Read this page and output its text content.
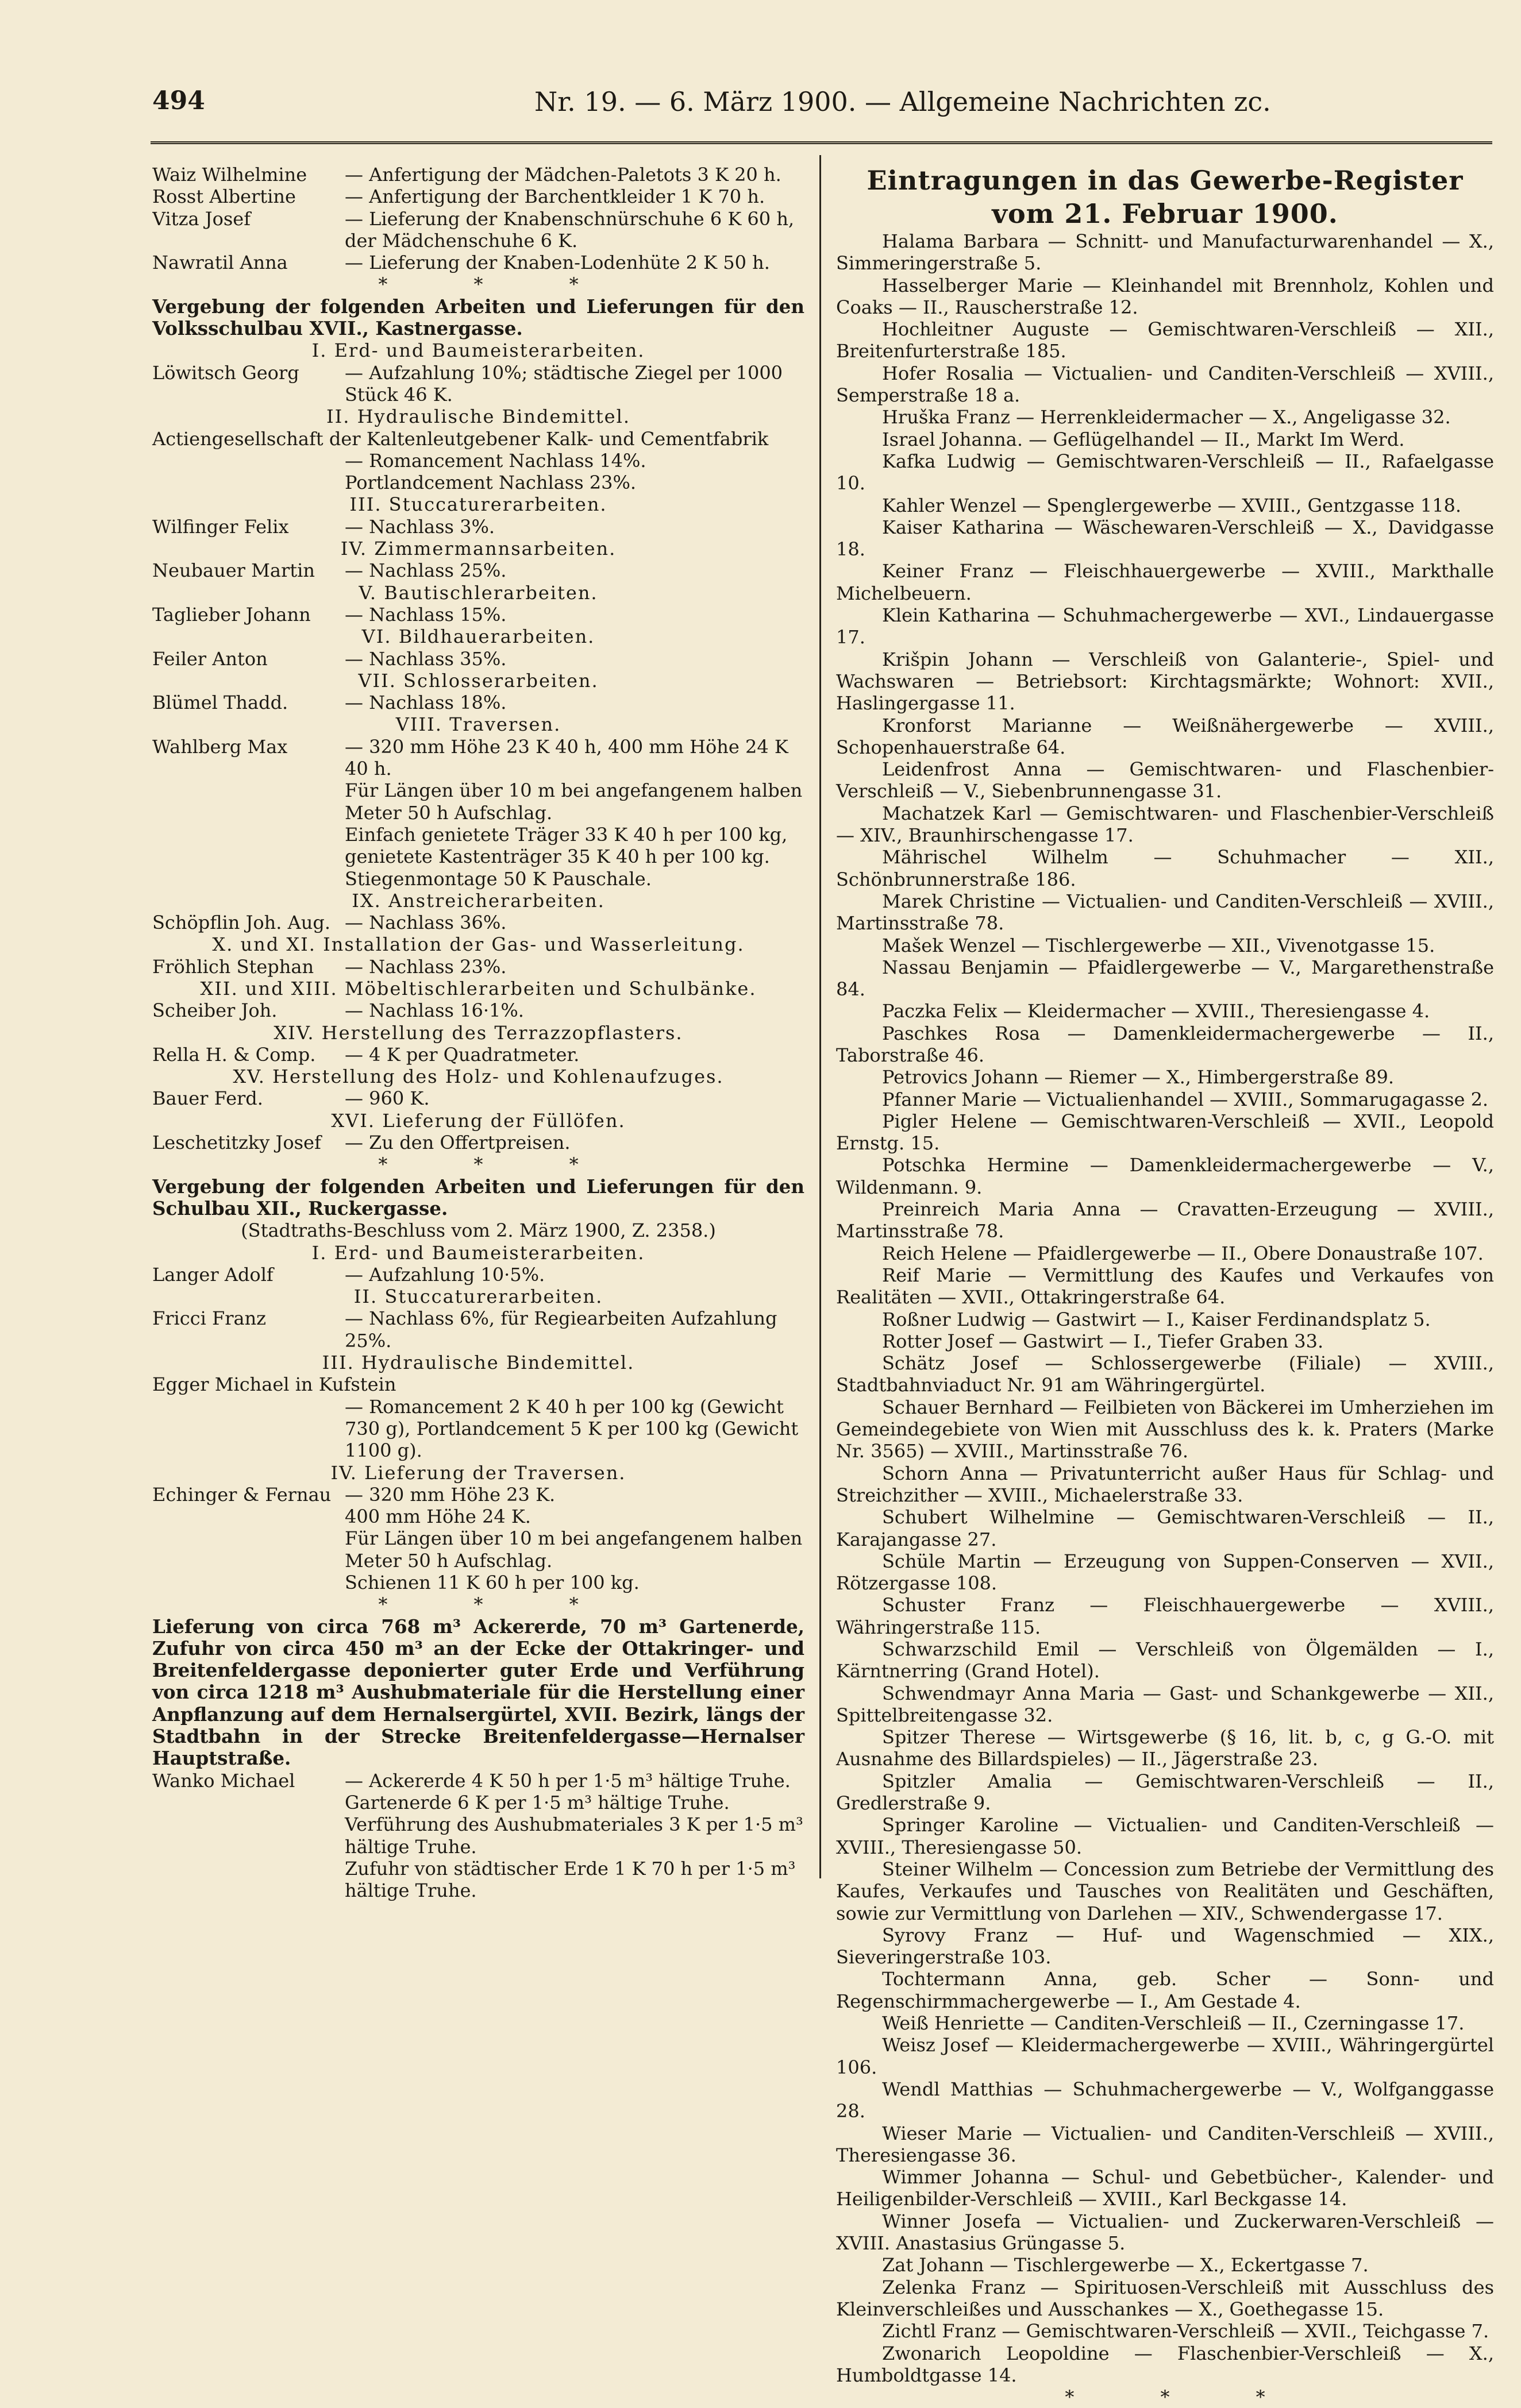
494	Nr. 19. — 6. März 1900. — Allgemeine Nachrichten zc.
Waiz Wilhelmine	— Anfertigung der Mädchen-Paletots 3 K 20 h.
Rosst Albertine	— Anfertigung der Barchentkleider 1 K 70 h.
Vitza Josef	— Lieferung der Knabenschnürschuhe 6 K 60 h, der Mädchenschuhe 6 K.
Nawratil Anna	— Lieferung der Knaben-Lodenhüte 2 K 50 h.
* * *
Vergebung der folgenden Arbeiten und Lieferungen für den Volksschulbau XVII., Kastnergasse.
I. Erd- und Baumeisterarbeiten.
Löwitsch Georg	— Aufzahlung 10%; städtische Ziegel per 1000 Stück 46 K.
II. Hydraulische Bindemittel.
Actiengesellschaft der Kaltenleutgebener Kalk- und Cementfabrik
— Romancement Nachlass 14%.
Portlandcement Nachlass 23%.
III. Stuccaturerarbeiten.
Wilfinger Felix	— Nachlass 3%.
IV. Zimmermannsarbeiten.
Neubauer Martin	— Nachlass 25%.
V. Bautischlerarbeiten.
Taglieber Johann	— Nachlass 15%.
VI. Bildhauerarbeiten.
Feiler Anton	— Nachlass 35%.
VII. Schlosserarbeiten.
Blümel Thadd.	— Nachlass 18%.
VIII. Traversen.
Wahlberg Max	— 320 mm Höhe 23 K 40 h, 400 mm Höhe 24 K 40 h.
Für Längen über 10 m bei angefangenem halben Meter 50 h Aufschlag.
Einfach genietete Träger 33 K 40 h per 100 kg, genietete Kastenträger 35 K 40 h per 100 kg.
Stiegenmontage 50 K Pauschale.
IX. Anstreicherarbeiten.
Schöpflin Joh. Aug. — Nachlass 36%.
X. und XI. Installation der Gas- und Wasserleitung.
Fröhlich Stephan	— Nachlass 23%.
XII. und XIII. Möbeltischlerarbeiten und Schulbänke.
Scheiber Joh.	— Nachlass 16·1%.
XIV. Herstellung des Terrazzopflasters.
Rella H. & Comp.	— 4 K per Quadratmeter.
XV. Herstellung des Holz- und Kohlenaufzuges.
Bauer Ferd.	— 960 K.
XVI. Lieferung der Füllöfen.
Leschetitzky Josef	— Zu den Offertpreisen.
* * *
Vergebung der folgenden Arbeiten und Lieferungen für den Schulbau XII., Ruckergasse.
(Stadtraths-Beschluss vom 2. März 1900, Z. 2358.)
I. Erd- und Baumeisterarbeiten.
Langer Adolf	— Aufzahlung 10·5%.
II. Stuccaturerarbeiten.
Fricci Franz	— Nachlass 6%, für Regiearbeiten Aufzahlung 25%.
III. Hydraulische Bindemittel.
Egger Michael in Kufstein
— Romancement 2 K 40 h per 100 kg (Gewicht 730 g), Portlandcement 5 K per 100 kg (Gewicht 1100 g).
IV. Lieferung der Traversen.
Echinger & Fernau — 320 mm Höhe 23 K.
400 mm Höhe 24 K.
Für Längen über 10 m bei angefangenem halben Meter 50 h Aufschlag.
Schienen 11 K 60 h per 100 kg.
* * *
Lieferung von circa 768 m³ Ackererde, 70 m³ Gartenerde, Zufuhr von circa 450 m³ an der Ecke der Ottakringer- und Breitenfeldergasse deponierter guter Erde und Verführung von circa 1218 m³ Aushubmateriale für die Herstellung einer Anpflanzung auf dem Hernalsergürtel, XVII. Bezirk, längs der Stadtbahn in der Strecke Breitenfeldergasse—Hernalser Hauptstraße.
Wanko Michael	— Ackererde 4 K 50 h per 1·5 m³ hältige Truhe.
Gartenerde 6 K per 1·5 m³ hältige Truhe.
Verführung des Aushubmateriales 3 K per 1·5 m³ hältige Truhe.
Zufuhr von städtischer Erde 1 K 70 h per 1·5 m³ hältige Truhe.
Eintragungen in das Gewerbe-Register vom 21. Februar 1900.
Halama Barbara — Schnitt- und Manufacturwarenhandel — X., Simmeringerstraße 5.
Hasselberger Marie — Kleinhandel mit Brennholz, Kohlen und Coaks — II., Rauscherstraße 12.
Hochleitner Auguste — Gemischtwaren-Verschleiß — XII., Breitenfurterstraße 185.
Hofer Rosalia — Victualien- und Canditen-Verschleiß — XVIII., Semperstraße 18 a.
Hruška Franz — Herrenkleidermacher — X., Angeligasse 32.
Israel Johanna. — Geflügelhandel — II., Markt Im Werd.
Kafka Ludwig — Gemischtwaren-Verschleiß — II., Rafaelgasse 10.
Kahler Wenzel — Spenglergewerbe — XVIII., Gentzgasse 118.
Kaiser Katharina — Wäschewaren-Verschleiß — X., Davidgasse 18.
Keiner Franz — Fleischhauergewerbe — XVIII., Markthalle Michelbeuern.
Klein Katharina — Schuhmachergewerbe — XVI., Lindauergasse 17.
Krišpin Johann — Verschleiß von Galanterie-, Spiel- und Wachswaren — Betriebsort: Kirchtagsmärkte; Wohnort: XVII., Haslingergasse 11.
Kronforst Marianne — Weißnähergewerbe — XVIII., Schopenhauerstraße 64.
Leidenfrost Anna — Gemischtwaren- und Flaschenbier-Verschleiß — V., Siebenbrunnengasse 31.
Machatzek Karl — Gemischtwaren- und Flaschenbier-Verschleiß — XIV., Braunhirschengasse 17.
Mährischel Wilhelm — Schuhmacher — XII., Schönbrunnerstraße 186.
Marek Christine — Victualien- und Canditen-Verschleiß — XVIII., Martinsstraße 78.
Mašek Wenzel — Tischlergewerbe — XII., Vivenotgasse 15.
Nassau Benjamin — Pfaidlergewerbe — V., Margarethenstraße 84.
Paczka Felix — Kleidermacher — XVIII., Theresiengasse 4.
Paschkes Rosa — Damenkleidermachergewerbe — II., Taborstraße 46.
Petrovics Johann — Riemer — X., Himbergerstraße 89.
Pfanner Marie — Victualienhandel — XVIII., Sommarugagasse 2.
Pigler Helene — Gemischtwaren-Verschleiß — XVII., Leopold Ernstg. 15.
Potschka Hermine — Damenkleidermachergewerbe — V., Wildenmann. 9.
Preinreich Maria Anna — Cravatten-Erzeugung — XVIII., Martinsstraße 78.
Reich Helene — Pfaidlergewerbe — II., Obere Donaustraße 107.
Reif Marie — Vermittlung des Kaufes und Verkaufes von Realitäten — XVII., Ottakringerstraße 64.
Roßner Ludwig — Gastwirt — I., Kaiser Ferdinandsplatz 5.
Rotter Josef — Gastwirt — I., Tiefer Graben 33.
Schätz Josef — Schlossergewerbe (Filiale) — XVIII., Stadtbahnviaduct Nr. 91 am Währingergürtel.
Schauer Bernhard — Feilbieten von Bäckerei im Umherziehen im Gemeindegebiete von Wien mit Ausschluss des k. k. Praters (Marke Nr. 3565) — XVIII., Martinsstraße 76.
Schorn Anna — Privatunterricht außer Haus für Schlag- und Streichzither — XVIII., Michaelerstraße 33.
Schubert Wilhelmine — Gemischtwaren-Verschleiß — II., Karajangasse 27.
Schüle Martin — Erzeugung von Suppen-Conserven — XVII., Rötzergasse 108.
Schuster Franz — Fleischhauergewerbe — XVIII., Währingerstraße 115.
Schwarzschild Emil — Verschleiß von Ölgemälden — I., Kärntnerring (Grand Hotel).
Schwendmayr Anna Maria — Gast- und Schankgewerbe — XII., Spittelbreitengasse 32.
Spitzer Therese — Wirtsgewerbe (§ 16, lit. b, c, g G.-O. mit Ausnahme des Billardspieles) — II., Jägerstraße 23.
Spitzler Amalia — Gemischtwaren-Verschleiß — II., Gredlerstraße 9.
Springer Karoline — Victualien- und Canditen-Verschleiß — XVIII., Theresiengasse 50.
Steiner Wilhelm — Concession zum Betriebe der Vermittlung des Kaufes, Verkaufes und Tausches von Realitäten und Geschäften, sowie zur Vermittlung von Darlehen — XIV., Schwendergasse 17.
Syrovy Franz — Huf- und Wagenschmied — XIX., Sieveringerstraße 103.
Tochtermann Anna, geb. Scher — Sonn- und Regenschirmmachergewerbe — I., Am Gestade 4.
Weiß Henriette — Canditen-Verschleiß — II., Czerningasse 17.
Weisz Josef — Kleidermachergewerbe — XVIII., Währingergürtel 106.
Wendl Matthias — Schuhmachergewerbe — V., Wolfganggasse 28.
Wieser Marie — Victualien- und Canditen-Verschleiß — XVIII., Theresiengasse 36.
Wimmer Johanna — Schul- und Gebetbücher-, Kalender- und Heiligenbilder-Verschleiß — XVIII., Karl Beckgasse 14.
Winner Josefa — Victualien- und Zuckerwaren-Verschleiß — XVIII. Anastasius Grüngasse 5.
Zat Johann — Tischlergewerbe — X., Eckertgasse 7.
Zelenka Franz — Spirituosen-Verschleiß mit Ausschluss des Kleinverschleißes und Ausschankes — X., Goethegasse 15.
Zichtl Franz — Gemischtwaren-Verschleiß — XVII., Teichgasse 7.
Zwonarich Leopoldine — Flaschenbier-Verschleiß — X., Humboldtgasse 14.
* * *
